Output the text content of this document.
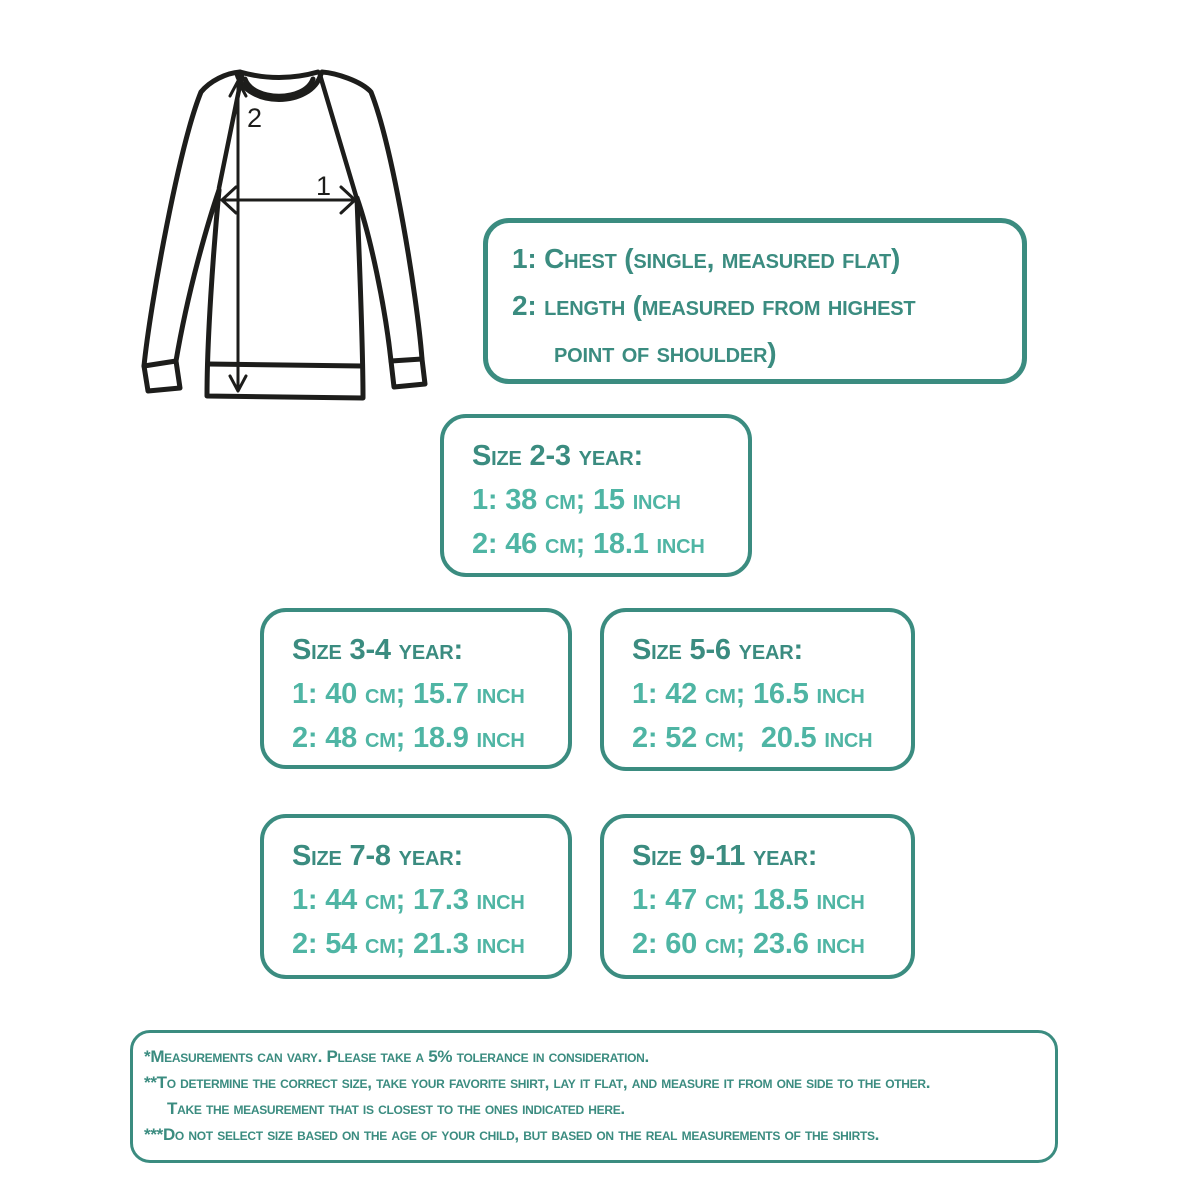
2
1
1: Chest (single, measured flat)
2: length (measured from highest
point of shoulder)
Size 2-3 year:
1: 38 cm; 15 inch
2: 46 cm; 18.1 inch
Size 3-4 year:
1: 40 cm; 15.7 inch
2: 48 cm; 18.9 inch
Size 5-6 year:
1: 42 cm; 16.5 inch
2: 52 cm;  20.5 inch
Size 7-8 year:
1: 44 cm; 17.3 inch
2: 54 cm; 21.3 inch
Size 9-11 year:
1: 47 cm; 18.5 inch
2: 60 cm; 23.6 inch
*Measurements can vary. Please take a 5% tolerance in consideration.
**To determine the correct size, take your favorite shirt, lay it flat, and measure it from one side to the other.
Take the measurement that is closest to the ones indicated here.
***Do not select size based on the age of your child, but based on the real measurements of the shirts.
